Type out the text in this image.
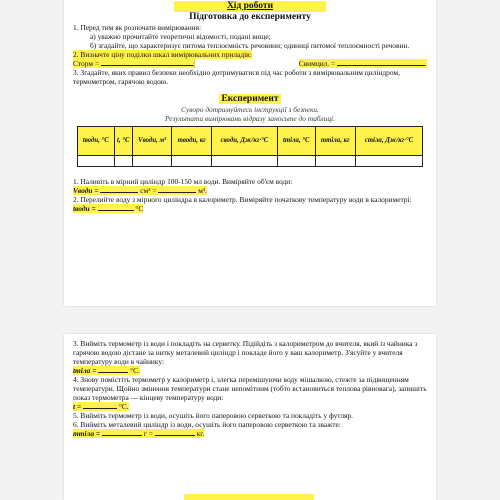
Хід роботи
Підготовка до експерименту
1. Перед тим як розпочати вимірювання:
а) уважно прочитайте теоретичні відомості, подані вище;
б) згадайте, що характеризує питома теплоємність речовини; одиниці питомої теплоємності речовин.
2. Визначте ціну поділки шкал вимірювальних приладів:
Cторм =	;	Cвимцил. =	.
3. Згадайте, яких правил безпеки необхідно дотримуватися під час роботи з вимірювальним циліндром, термометром, гарячою водою.
Експеримент
Суворо дотримуйтесь інструкції з безпеки.
Результати вимірювань відразу заносьте до таблиці.
tводи, °C	t, °C	Vводи, м³	mводи, кг	cводи, Дж/кг·°C	tтіла, °C	mтіла, кг	cтіла, Дж/кг·°C

1. Наливіть в мірний циліндр 100-150 мл води. Виміряйте об'єм води:
Vводи =	см³ =	м³.
2. Перелийте воду з мірного циліндра в калориметр. Виміряйте початкову температуру води в калориметрі:
tводи =	°C
3. Вийміть термометр із води і покладіть на серветку. Підійдіть з калориметром до вчителя, який із чайника з гарячою водою дістане за нитку металевий циліндр і покладе його у ваш калориметр. З'ясуйте у вчителя температуру води в чайнику:
tтіла =	°C.
4. Знову помістіть термометр у калориметр і, злегка перемішуючи воду мішалкою, стежте за підвищенням температури. Щойно змінення температури стане непомітним (тобто встановиться теплова рівновага), запишіть показ термометра — кінцеву температуру води:
t =	°C.
5. Вийміть термометр із води, осушіть його паперовою серветкою та покладіть у футляр.
6. Вийміть металевий циліндр із води, осушіть його паперовою серветкою та зважте:
mтіла =	г =	кг.
